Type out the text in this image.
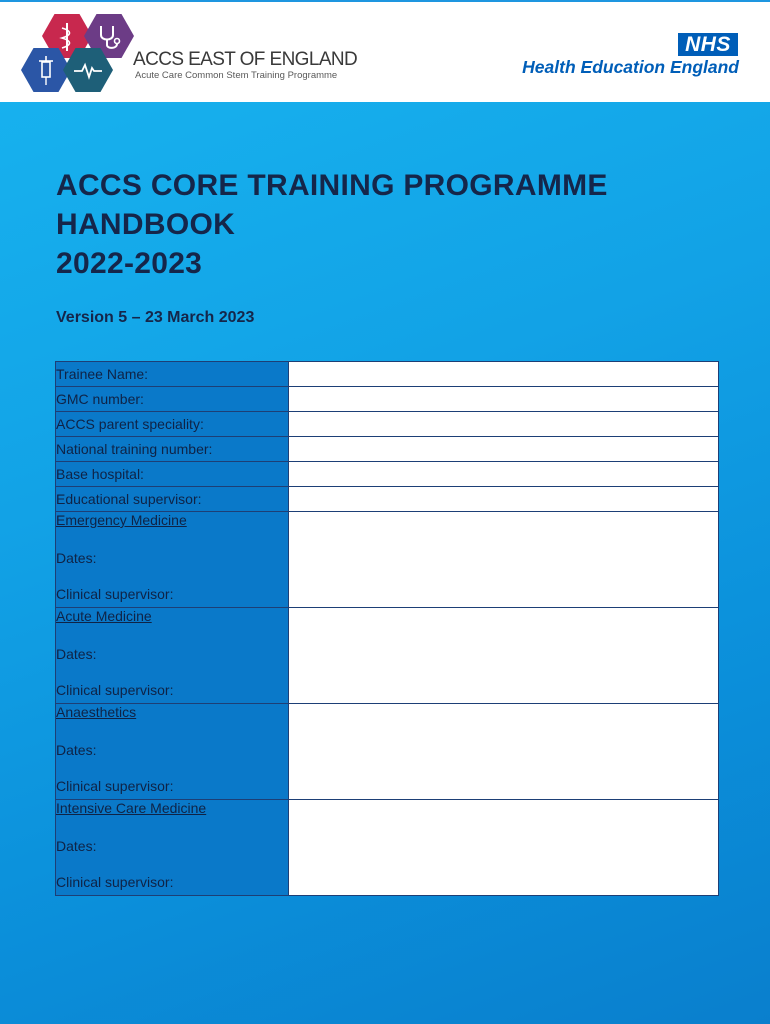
ACCS EAST OF ENGLAND
Acute Care Common Stem Training Programme
NHS
Health Education England
ACCS CORE TRAINING PROGRAMME
HANDBOOK
2022-2023
Version 5 – 23 March 2023
Trainee Name:	
GMC number:	
ACCS parent speciality:	
National training number:	
Base hospital:	
Educational supervisor:	

Emergency Medicine
Dates:
Clinical supervisor:	

Acute Medicine
Dates:
Clinical supervisor:	

Anaesthetics
Dates:
Clinical supervisor:	

Intensive Care Medicine
Dates:
Clinical supervisor:	
